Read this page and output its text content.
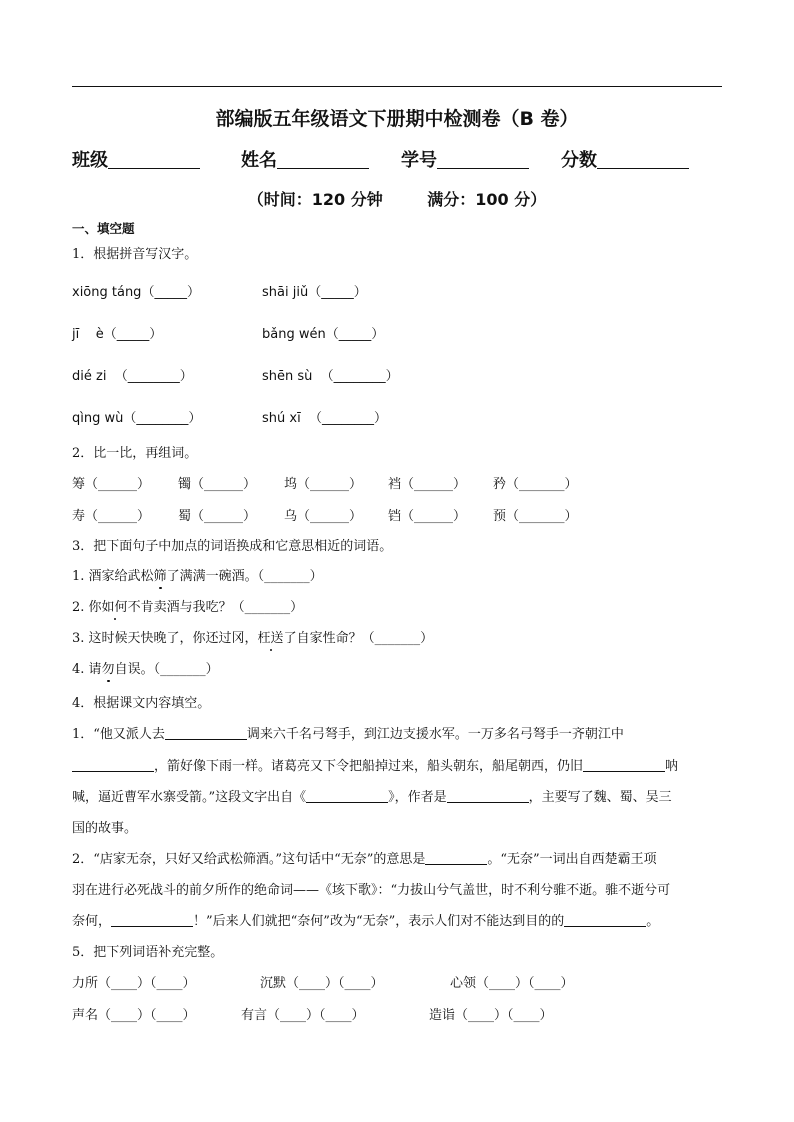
部编版五年级语文下册期中检测卷（B 卷）
班级	姓名	学号	分数
（时间：120 分钟        满分：100 分）
一、填空题
1．根据拼音写汉字。
xiōng táng（_____）	shāi jiǔ（_____）
jī    è（_____）	bǎng wén（_____）
dié zi  （________）	shēn sù  （________）
qìng wù（________）	shú xī  （________）
2．比一比，再组词。
筹（______） 镯（______） 坞（______） 裆（______） 矜（_______）
寿（______） 蜀（______） 乌（______） 铛（______） 预（_______）
3．把下面句子中加点的词语换成和它意思相近的词语。
1. 酒家给武松筛了满满一碗酒。（_______）
2. 你如何不肯卖酒与我吃？（_______）
3. 这时候天快晚了，你还过冈，枉送了自家性命？（_______）
4. 请勿自误。（_______）
4．根据课文内容填空。
1．“他又派人去	调来六千名弓弩手，到江边支援水军。一万多名弓弩手一齐朝江中
，箭好像下雨一样。诸葛亮又下令把船掉过来，船头朝东，船尾朝西，仍旧	呐
喊，逼近曹军水寨受箭。”这段文字出自《	》，作者是	，主要写了魏、蜀、吴三
国的故事。
2．“店家无奈，只好又给武松筛酒。”这句话中“无奈”的意思是	。“无奈”一词出自西楚霸王项
羽在进行必死战斗的前夕所作的绝命词——《垓下歌》：“力拔山兮气盖世，时不利兮骓不逝。骓不逝兮可
奈何，	！”后来人们就把“奈何”改为“无奈”，表示人们对不能达到目的的	。
5．把下列词语补充完整。
力所（____）（____）	沉默（____）（____）	心领（____）（____）
声名（____）（____）	有言（____）（____）	造诣（____）（____）
